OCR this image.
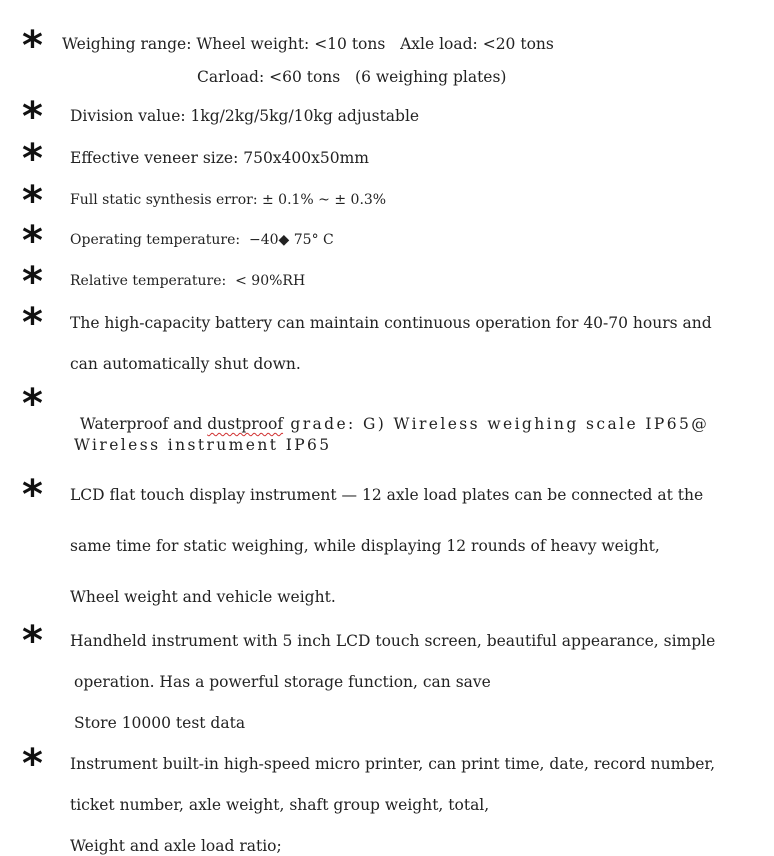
*
*
*
*
*
*
*
*
*
*
*
Weighing range: Wheel weight: <10 tons   Axle load: <20 tons
Carload: <60 tons   (6 weighing plates)
Division value: 1kg/2kg/5kg/10kg adjustable
Effective veneer size: 750x400x50mm
Full static synthesis error: ± 0.1% ~ ± 0.3%
Operating temperature:  −40◆ 75° C
Relative temperature:  < 90%RH
The high-capacity battery can maintain continuous operation for 40-70 hours and
can automatically shut down.

Waterproof and dustproof grade: G) Wireless weighing scale IP65@

Wireless instrument IP65
LCD flat touch display instrument — 12 axle load plates can be connected at the
same time for static weighing, while displaying 12 rounds of heavy weight,
Wheel weight and vehicle weight.
Handheld instrument with 5 inch LCD touch screen, beautiful appearance, simple
operation. Has a powerful storage function, can save
Store 10000 test data
Instrument built-in high-speed micro printer, can print time, date, record number,
ticket number, axle weight, shaft group weight, total,
Weight and axle load ratio;
